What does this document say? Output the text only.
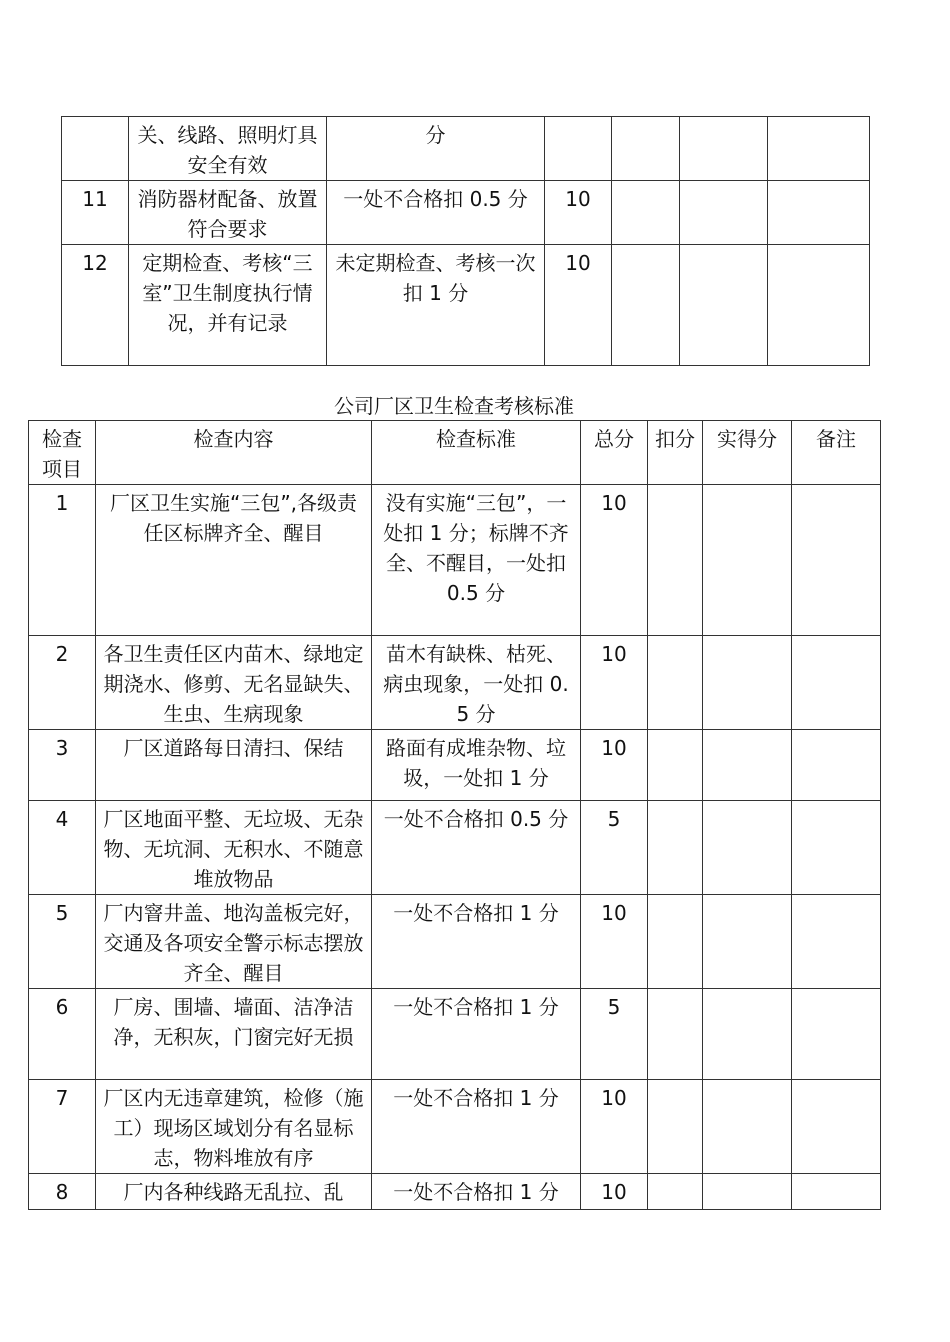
	关、线路、照明灯具安全有效	分				
11	消防器材配备、放置符合要求	一处不合格扣 0.5 分	10			
12	定期检查、考核“三室”卫生制度执行情况，并有记录	未定期检查、考核一次扣 1 分	10			
公司厂区卫生检查考核标准
检查项目	检查内容	检查标准	总分	扣分	实得分	备注
1	厂区卫生实施“三包”,各级责任区标牌齐全、醒目	没有实施“三包”，一处扣 1 分；标牌不齐全、不醒目，一处扣 0.5 分	10			
2	各卫生责任区内苗木、绿地定期浇水、修剪、无名显缺失、生虫、生病现象	苗木有缺株、枯死、病虫现象，一处扣 0.5 分	10			
3	厂区道路每日清扫、保结	路面有成堆杂物、垃圾，一处扣 1 分	10			
4	厂区地面平整、无垃圾、无杂物、无坑洞、无积水、不随意堆放物品	一处不合格扣 0.5 分	5			
5	厂内窨井盖、地沟盖板完好，交通及各项安全警示标志摆放齐全、醒目	一处不合格扣 1 分	10			
6	厂房、围墙、墙面、洁净洁净，无积灰，门窗完好无损	一处不合格扣 1 分	5			
7	厂区内无违章建筑，检修（施工）现场区域划分有名显标志，物料堆放有序	一处不合格扣 1 分	10			
8	厂内各种线路无乱拉、乱	一处不合格扣 1 分	10			
